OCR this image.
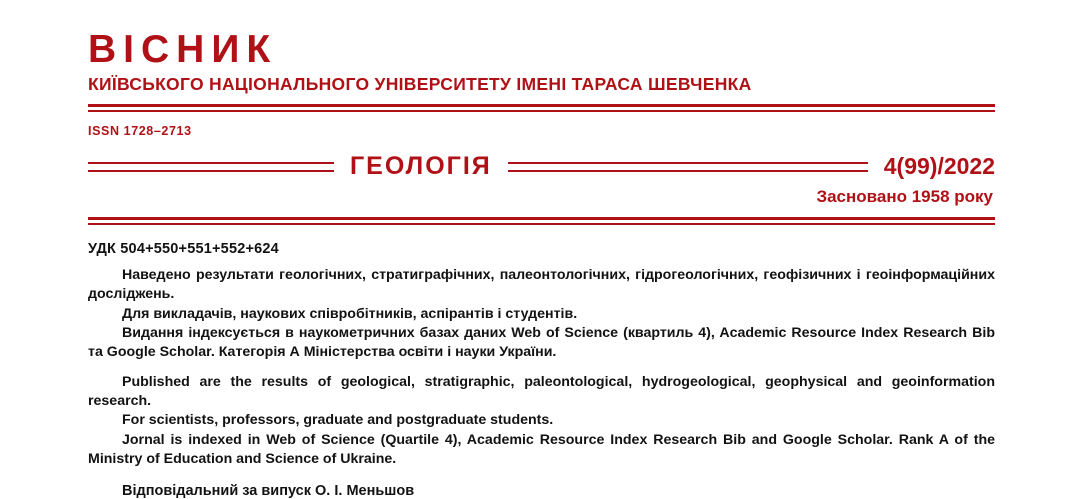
ВІСНИК
КИЇВСЬКОГО НАЦІОНАЛЬНОГО УНІВЕРСИТЕТУ ІМЕНІ ТАРАСА ШЕВЧЕНКА
ISSN 1728–2713
ГЕОЛОГІЯ	4(99)/2022
Засновано 1958 року
УДК 504+550+551+552+624

Наведено результати геологічних, стратиграфічних, палеонтологічних, гідрогеологічних, геофізичних і геоінформаційних досліджень.

Для викладачів, наукових співробітників, аспірантів і студентів.

Видання індексується в наукометричних базах даних Web of Science (квартиль 4), Academic Resource Index Research Bib та Google Scholar. Категорія А Міністерства освіти і науки України.

Published are the results of geological, stratigraphic, paleontological, hydrogeological, geophysical and geoinformation research.

For scientists, professors, graduate and postgraduate students.

Jornal is indexed in Web of Science (Quartile 4), Academic Resource Index Research Bib and Google Scholar. Rank A of the Ministry of Education and Science of Ukraine.

Відповідальний за випуск О. І. Меньшов
